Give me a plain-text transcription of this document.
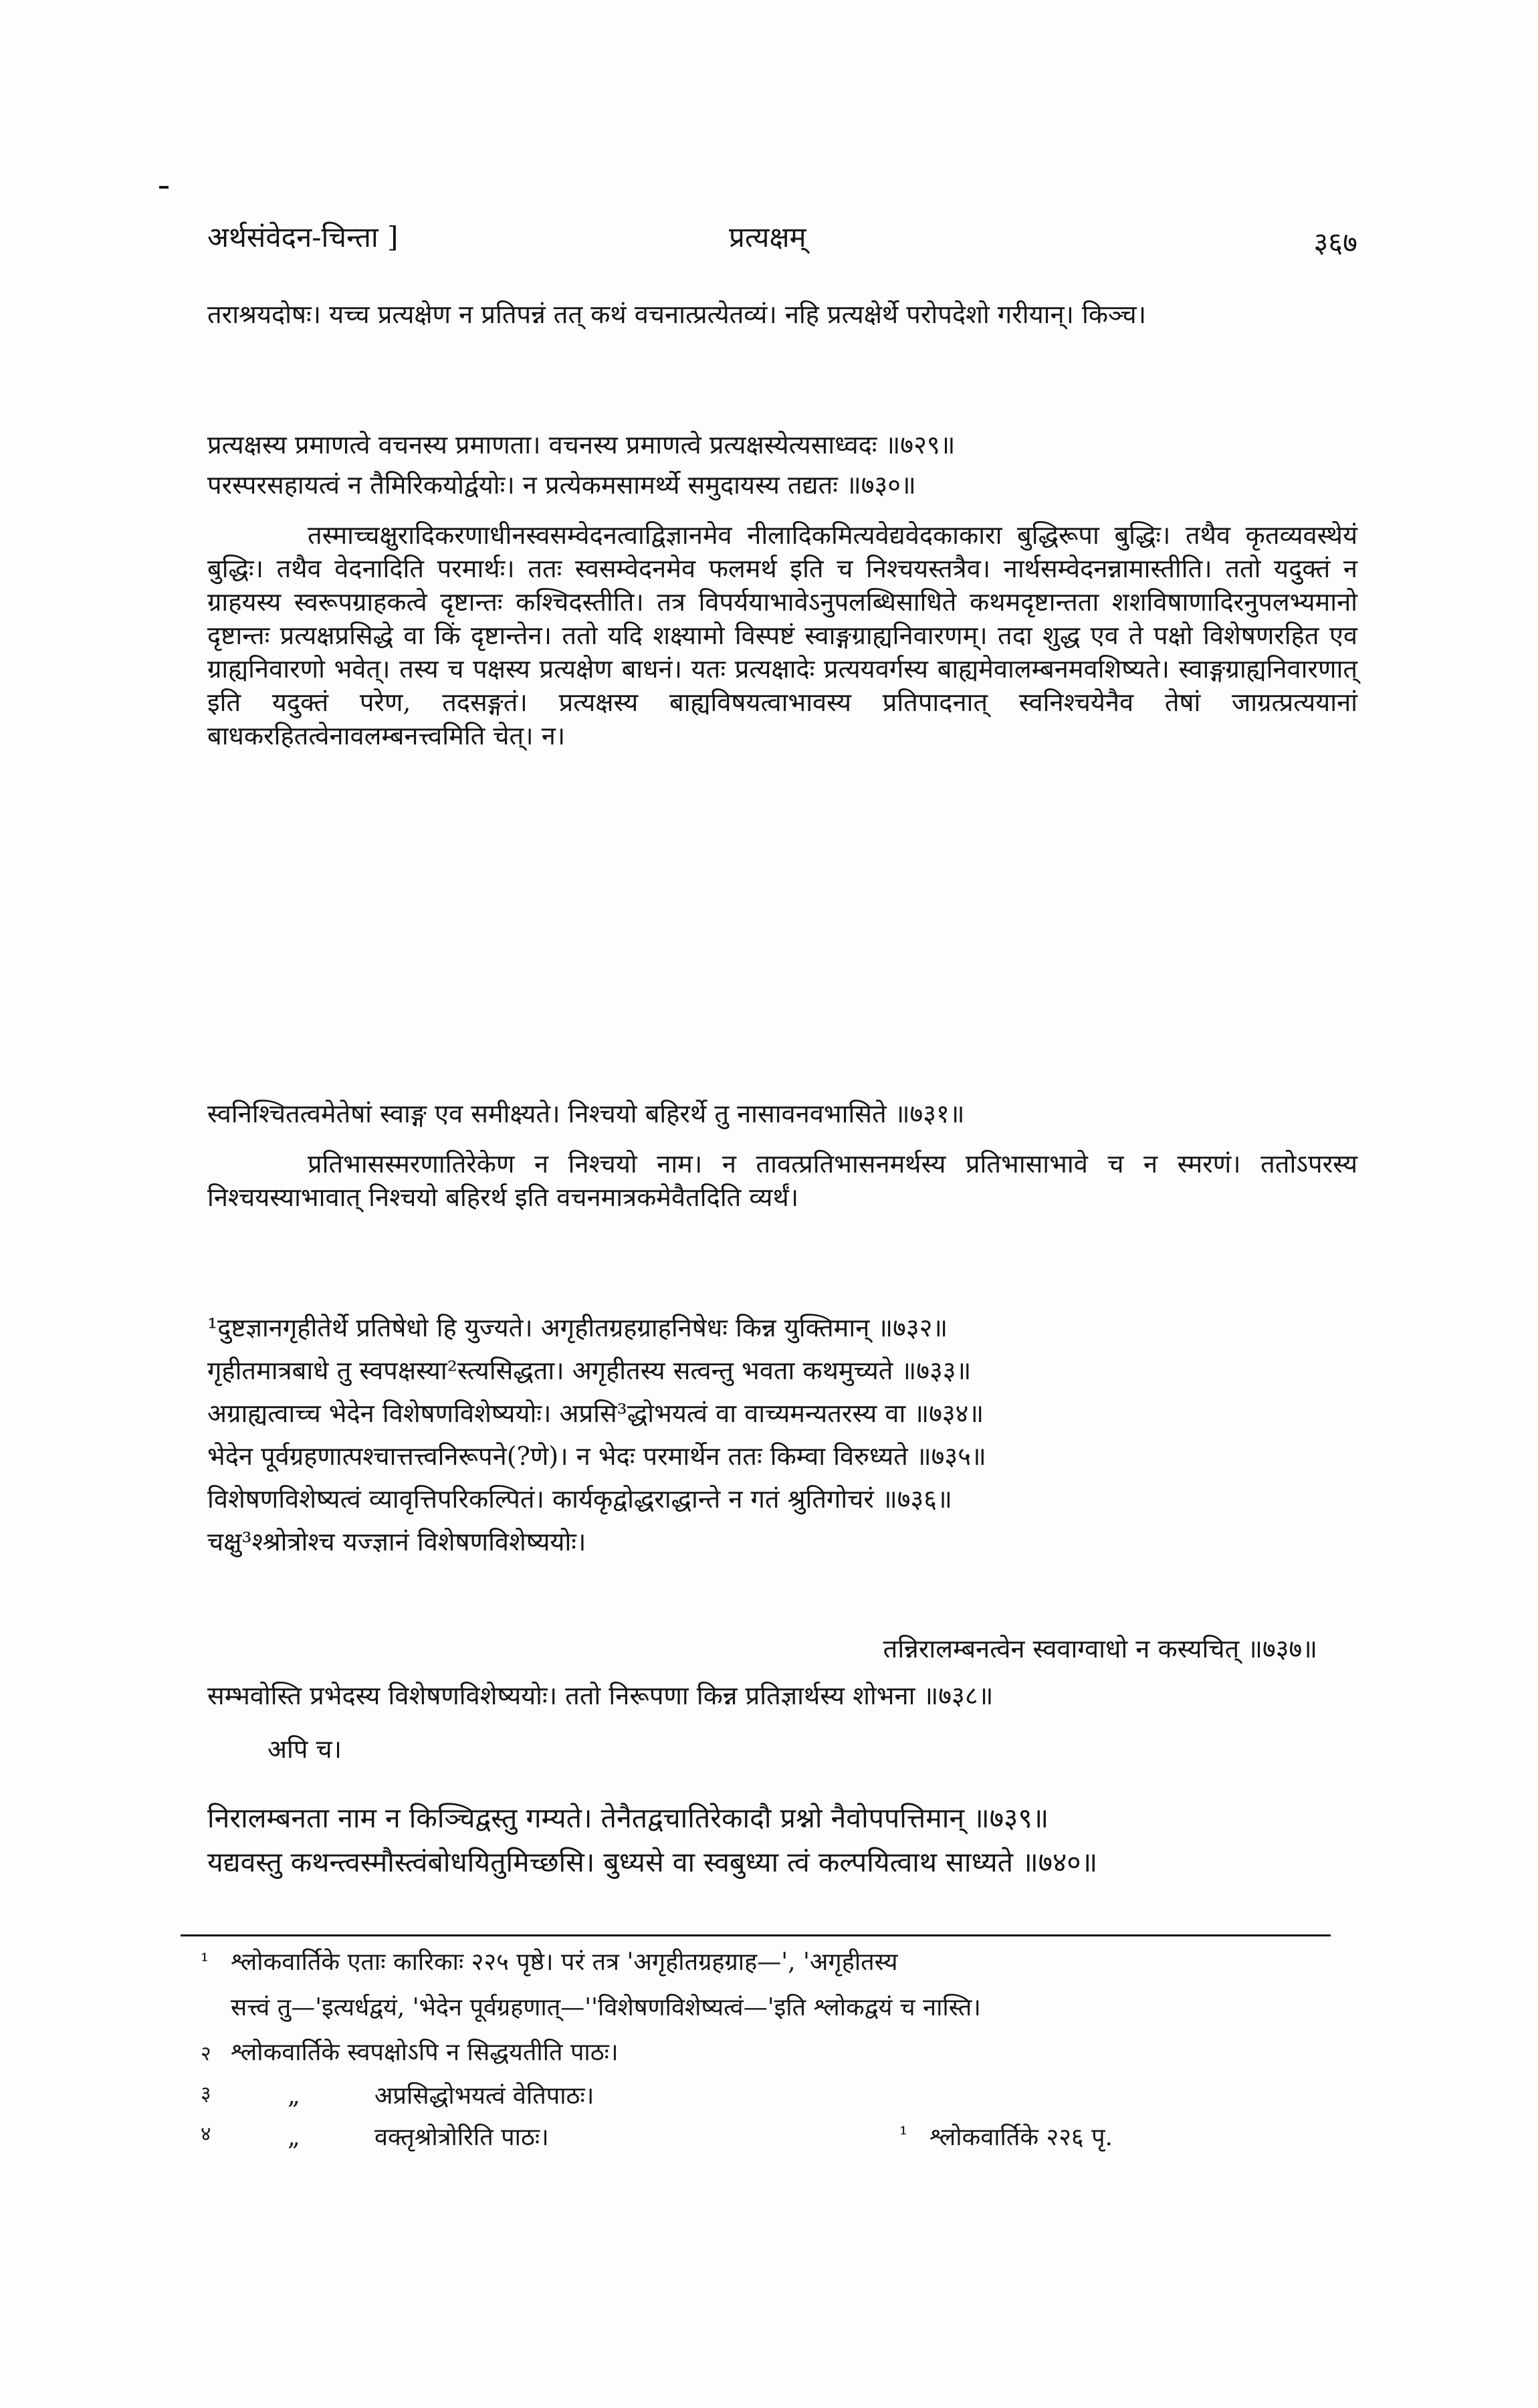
अर्थसंवेदन-चिन्ता ]	प्रत्यक्षम्	३६७
तराश्रयदोषः। यच्च प्रत्यक्षेण न प्रतिपन्नं तत् कथं वचनात्प्रत्येतव्यं। नहि प्रत्यक्षेर्थे परोपदेशो गरीयान्। किञ्च।
प्रत्यक्षस्य प्रमाणत्वे वचनस्य प्रमाणता। वचनस्य प्रमाणत्वे प्रत्यक्षस्येत्यसाध्वदः ॥७२९॥
परस्परसहायत्वं न तैमिरिकयोर्द्वयोः। न प्रत्येकमसामर्थ्ये समुदायस्य तद्यतः ॥७३०॥
तस्माच्चक्षुरादिकरणाधीनस्वसम्वेदनत्वाद्विज्ञानमेव नीलादिकमित्यवेद्यवेदकाकारा बुद्धिरूपा बुद्धिः। तथैव कृतव्यवस्थेयं बुद्धिः। तथैव वेदनादिति परमार्थः। ततः स्वसम्वेदनमेव फलमर्थ इति च निश्चयस्तत्रैव। नार्थसम्वेदनन्नामास्तीति। ततो यदुक्तं न ग्राहयस्य स्वरूपग्राहकत्वे दृष्टान्तः कश्चिदस्तीति। तत्र विपर्ययाभावेऽनुपलब्धिसाधिते कथमदृष्टान्तता शशविषाणादिरनुपलभ्यमानो दृष्टान्तः प्रत्यक्षप्रसिद्धे वा किं दृष्टान्तेन। ततो यदि शक्ष्यामो विस्पष्टं स्वाङ्गग्राह्यनिवारणम्। तदा शुद्ध एव ते पक्षो विशेषणरहित एव ग्राह्यनिवारणो भवेत्। तस्य च पक्षस्य प्रत्यक्षेण बाधनं। यतः प्रत्यक्षादेः प्रत्ययवर्गस्य बाह्यमेवालम्बनमवशिष्यते। स्वाङ्गग्राह्यनिवारणात् इति यदुक्तं परेण, तदसङ्गतं। प्रत्यक्षस्य बाह्यविषयत्वाभावस्य प्रतिपादनात् स्वनिश्चयेनैव तेषां जाग्रत्प्रत्ययानां बाधकरहितत्वेनावलम्बनत्त्वमिति चेत्। न।
स्वनिश्चितत्वमेतेषां स्वाङ्ग एव समीक्ष्यते। निश्चयो बहिरर्थे तु नासावनवभासिते ॥७३१॥
प्रतिभासस्मरणातिरेकेण न निश्चयो नाम। न तावत्प्रतिभासनमर्थस्य प्रतिभासाभावे च न स्मरणं। ततोऽपरस्य निश्चयस्याभावात् निश्चयो बहिरर्थ इति वचनमात्रकमेवैतदिति व्यर्थं।
¹दुष्टज्ञानगृहीतेर्थे प्रतिषेधो हि युज्यते। अगृहीतग्रहग्राहनिषेधः किन्न युक्तिमान् ॥७३२॥
गृहीतमात्रबाधे तु स्वपक्षस्या²स्त्यसिद्धता। अगृहीतस्य सत्वन्तु भवता कथमुच्यते ॥७३३॥
अग्राह्यत्वाच्च भेदेन विशेषणविशेष्ययोः। अप्रसि³द्धोभयत्वं वा वाच्यमन्यतरस्य वा ॥७३४॥
भेदेन पूर्वग्रहणात्पश्चात्तत्त्वनिरूपने(?णे)। न भेदः परमार्थेन ततः किम्वा विरुध्यते ॥७३५॥
विशेषणविशेष्यत्वं व्यावृत्तिपरिकल्पितं। कार्यकृद्वोद्धराद्धान्ते न गतं श्रुतिगोचरं ॥७३६॥
चक्षु³श्श्रोत्रोश्च यज्ज्ञानं विशेषणविशेष्ययोः।
तन्निरालम्बनत्वेन स्ववाग्वाधो न कस्यचित् ॥७३७॥
सम्भवोस्ति प्रभेदस्य विशेषणविशेष्ययोः। ततो निरूपणा किन्न प्रतिज्ञार्थस्य शोभना ॥७३८॥
अपि च।
निरालम्बनता नाम न किञ्चिद्वस्तु गम्यते। तेनैतद्वचातिरेकादौ प्रश्नो नैवोपपत्तिमान् ॥७३९॥
यद्यवस्तु कथन्त्वस्मौस्त्वंबोधयितुमिच्छसि। बुध्यसे वा स्वबुध्या त्वं कल्पयित्वाथ साध्यते ॥७४०॥
¹ श्लोकवार्तिके एताः कारिकाः २२५ पृष्ठे। परं तत्र 'अगृहीतग्रहग्राह—', 'अगृहीतस्य
सत्त्वं तु—'इत्यर्धद्वयं, 'भेदेन पूर्वग्रहणात्—''विशेषणविशेष्यत्वं—'इति श्लोकद्वयं च नास्ति।
२ श्लोकवार्तिके स्वपक्षोऽपि न सिद्धयतीति पाठः।
३	„	अप्रसिद्धोभयत्वं वेतिपाठः।
४	„	वक्तृश्रोत्रोरिति पाठः।	¹ श्लोकवार्तिके २२६ पृ.
